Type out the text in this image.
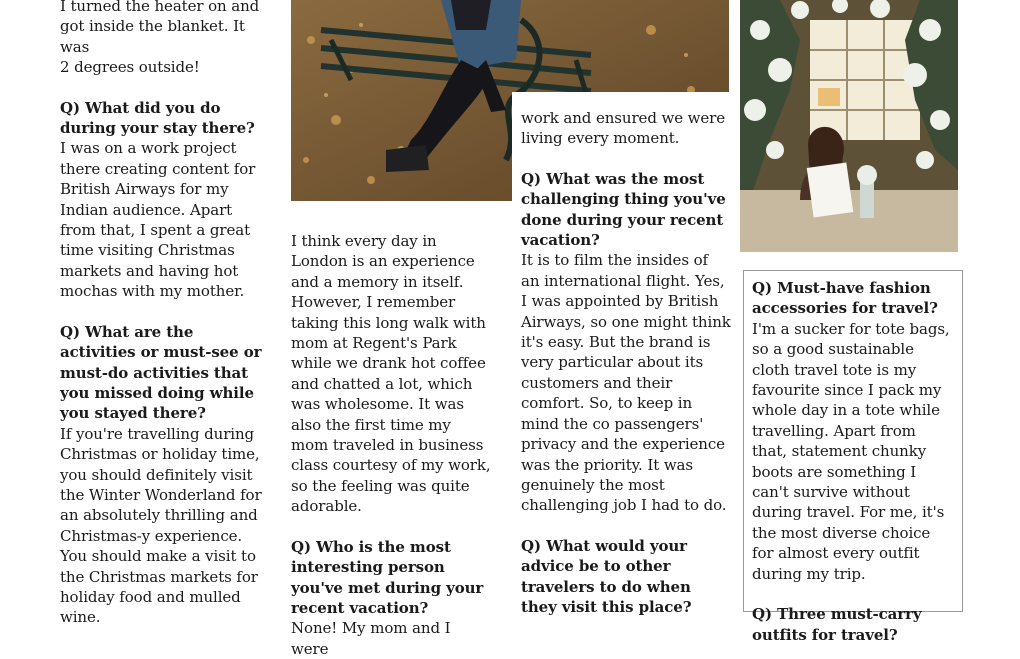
I turned the heater on and

got inside the blanket. It was

2 degrees outside!

Q) What did you do during your stay there?

I was on a work project there creating content for British Airways for my Indian audience. Apart from that, I spent a great time visiting Christmas markets and having hot mochas with my mother.

Q) What are the activities or must-see or must-do activities that you missed doing while you stayed there?

If you're travelling during Christmas or holiday time, you should definitely visit the Winter Wonderland for an absolutely thrilling and Christmas-y experience. You should make a visit to the Christmas markets for holiday food and mulled wine.

I think every day in London is an experience and a memory in itself. However, I remember taking this long walk with mom at Regent's Park while we drank hot coffee and chatted a lot, which was wholesome. It was also the first time my mom traveled in business class courtesy of my work, so the feeling was quite adorable.

Q) Who is the most interesting person you've met during your recent vacation?

None! My mom and I were

work and ensured we were living every moment.

Q) What was the most challenging thing you've done during your recent vacation?

It is to film the insides of an international flight. Yes, I was appointed by British Airways, so one might think it's easy. But the brand is very particular about its customers and their comfort. So, to keep in mind the co passengers' privacy and the experience was the priority. It was genuinely the most challenging job I had to do.

Q) What would your advice be to other travelers to do when they visit this place?

Q) Must-have fashion accessories for travel?

I'm a sucker for tote bags, so a good sustainable cloth travel tote is my favourite since I pack my whole day in a tote while travelling. Apart from that, statement chunky boots are something I can't survive without during travel. For me, it's the most diverse choice for almost every outfit during my trip.

Q) Three must-carry outfits for travel?
